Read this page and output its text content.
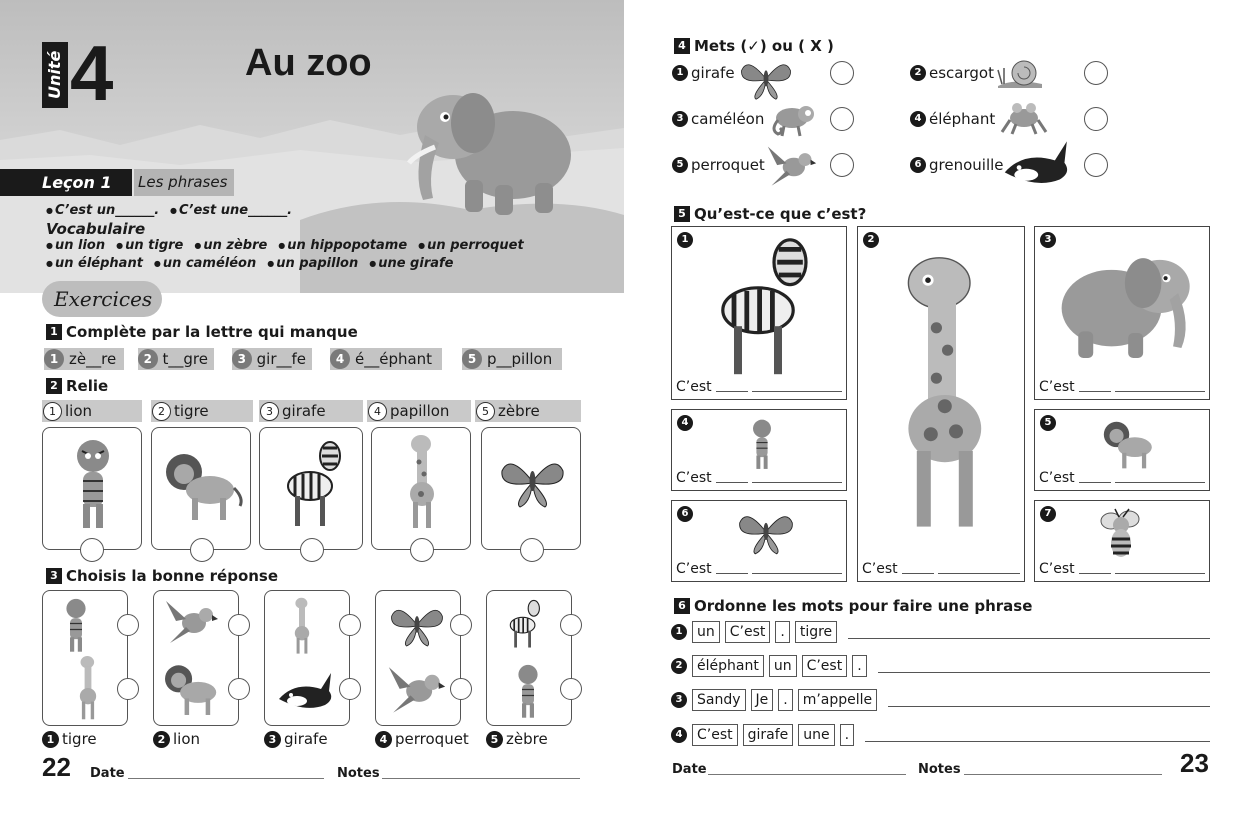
Unité 4	Au zoo
Leçon 1	Les phrases
● C’est un______. ●	C’est une______.
Vocabulaire
● un lion	● un tigre	● un zèbre	● un hippopotame	● un perroquet
● un éléphant	● un caméléon	● un papillon	● une girafe
Exercices
1 Complète par la lettre qui manque
1 zè__re	2 t__gre	3 gir__fe	4 é__éphant	5 p__pillon
2 Relie
1 lion	2 tigre	3 girafe	4 papillon	5 zèbre
3 Choisis la bonne réponse
1 tigre	2 lion	3 girafe	4 perroquet	5 zèbre
22 Date	Notes
4 Mets (✓) ou ( X )
1 girafe	2 escargot
3 caméléon	4 éléphant
5 perroquet	6 grenouille
5 Qu’est-ce que c’est?
1
C’est
2
C’est
3
C’est
4
C’est
5
C’est
6
C’est
7
C’est
6 Ordonne les mots pour faire une phrase
1	un	C’est	.	tigre
2	éléphant	un	C’est	.
3	Sandy	Je	.	m’appelle
4	C’est	girafe	une	.
Date	Notes	23
